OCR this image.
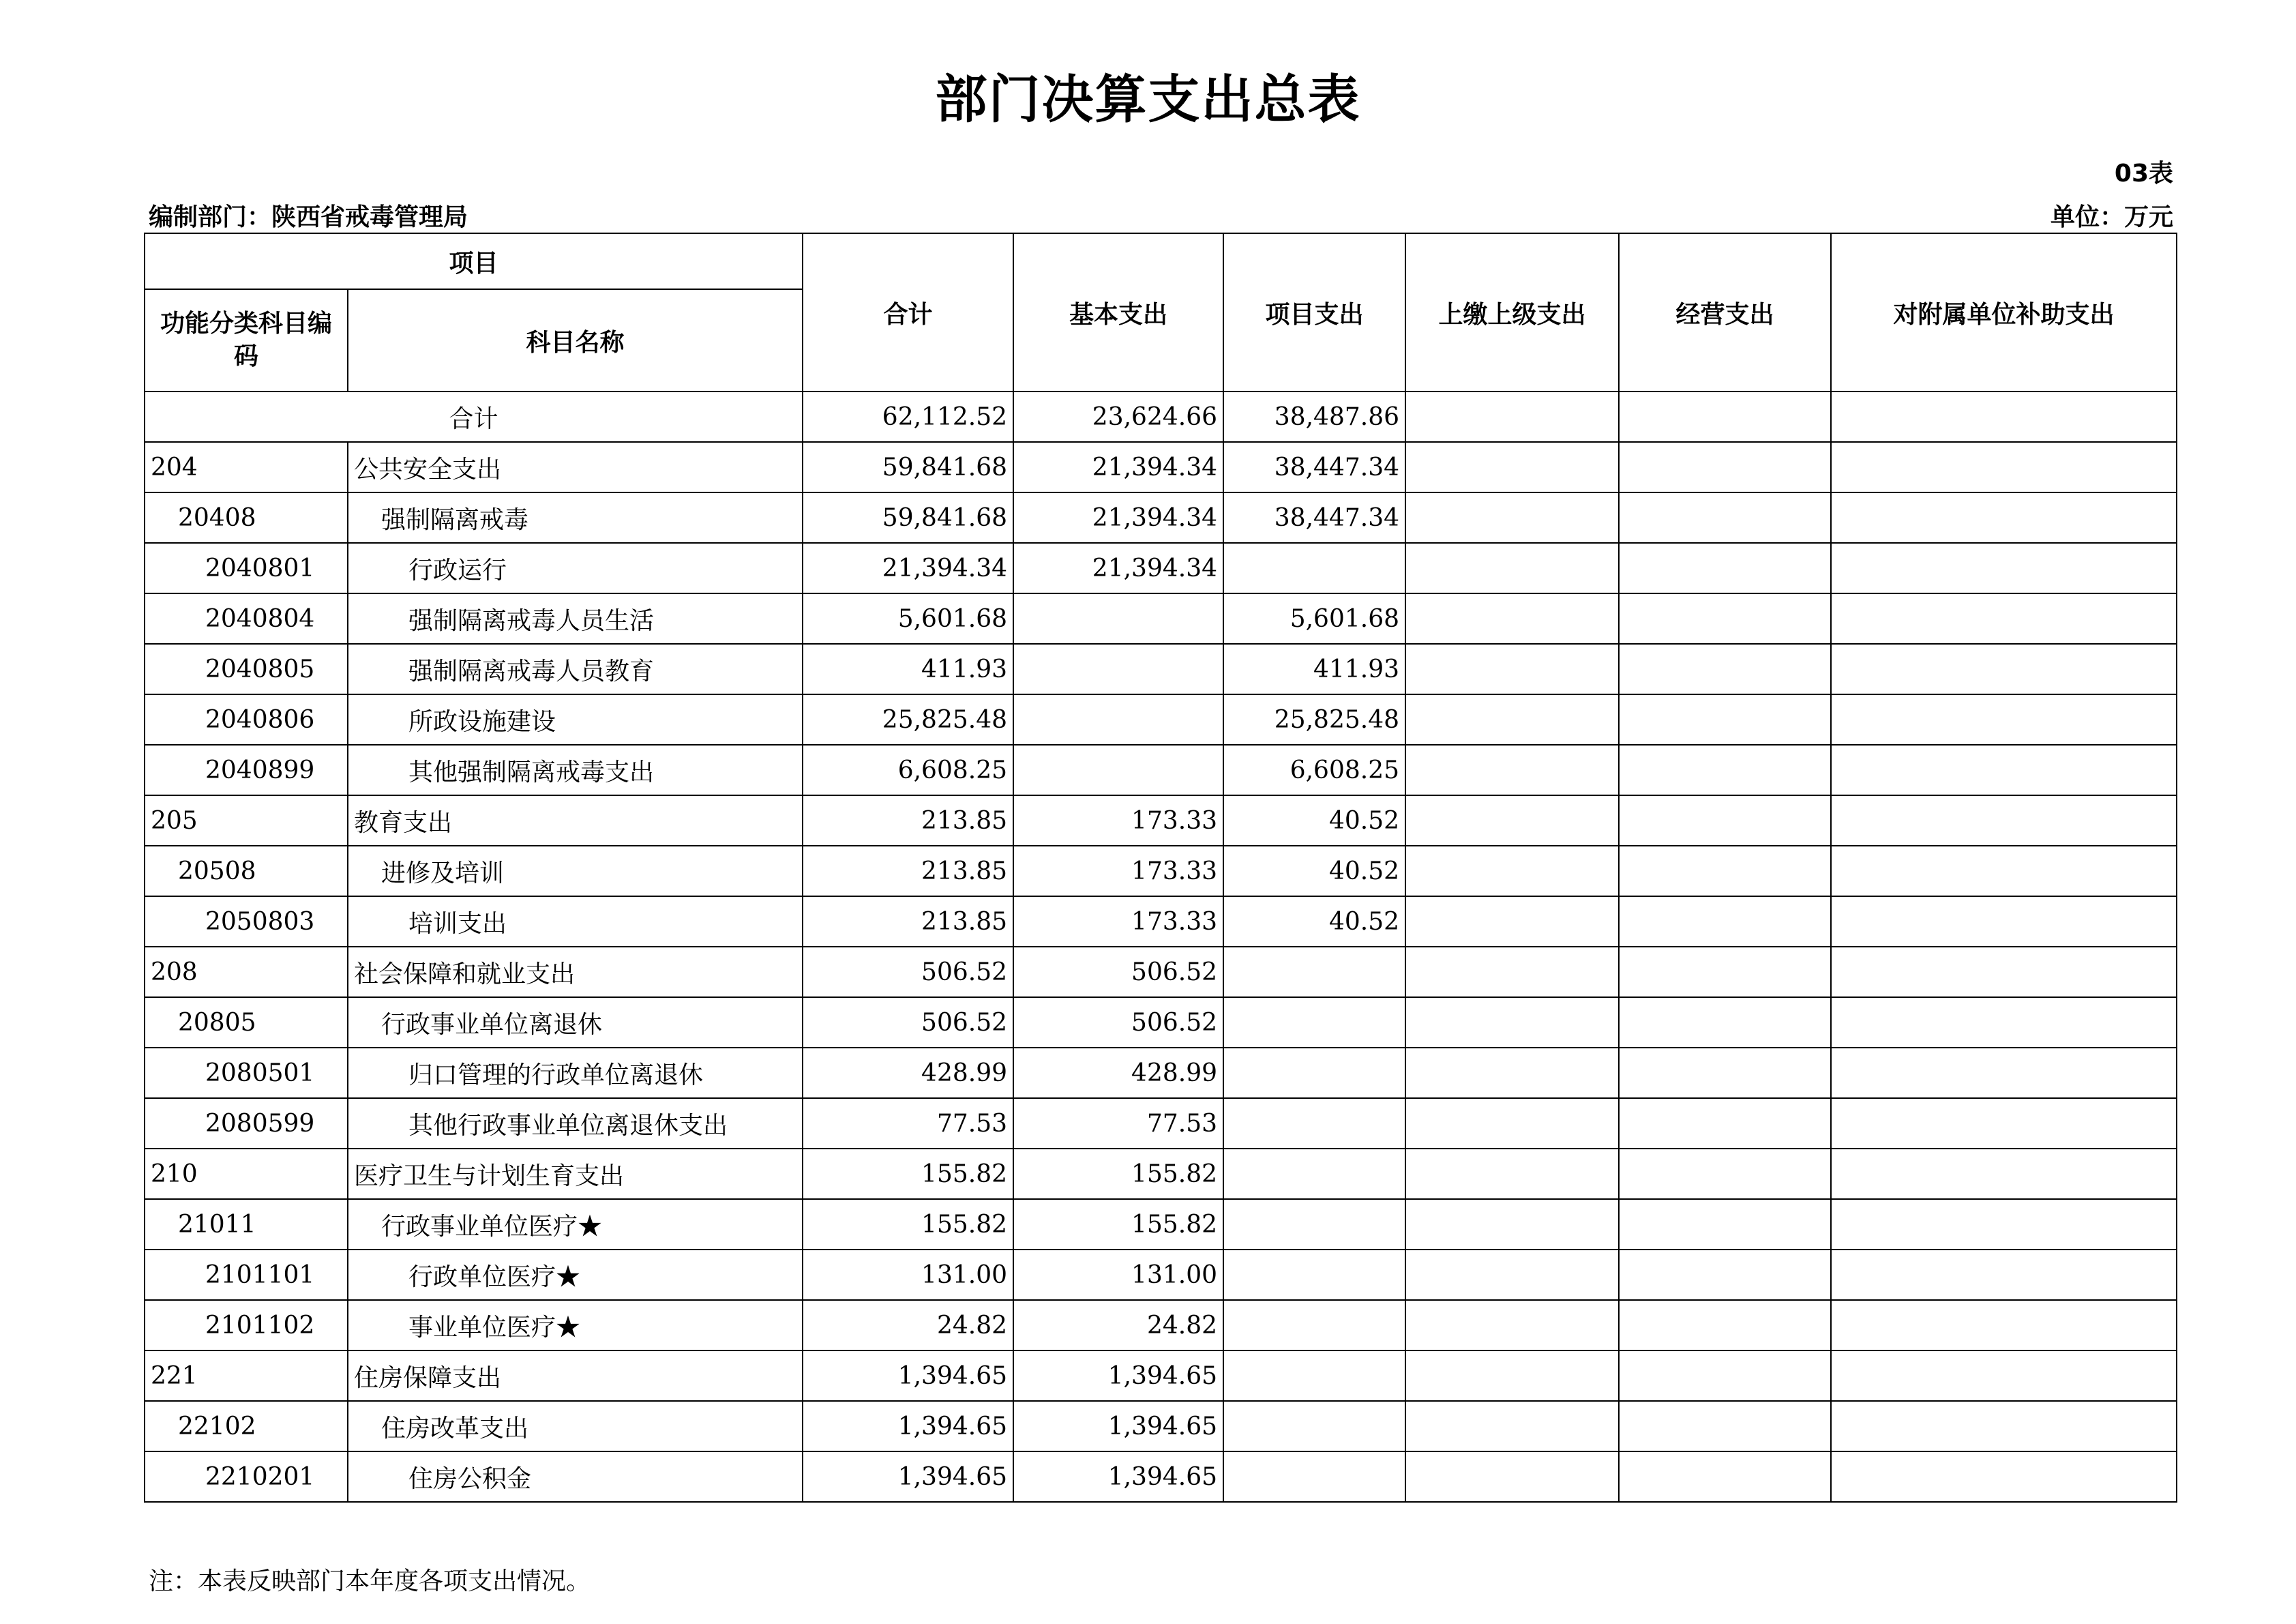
部门决算支出总表
03表
编制部门：陕西省戒毒管理局	单位：万元
项目		合计	基本支出	项目支出	上缴上级支出	经营支出	对附属单位补助支出
功能分类科目编码	科目名称						
合计		62,112.52	23,624.66	38,487.86			
204	公共安全支出	59,841.68	21,394.34	38,447.34			
20408	强制隔离戒毒	59,841.68	21,394.34	38,447.34			
2040801	行政运行	21,394.34	21,394.34				
2040804	强制隔离戒毒人员生活	5,601.68		5,601.68			
2040805	强制隔离戒毒人员教育	411.93		411.93			
2040806	所政设施建设	25,825.48		25,825.48			
2040899	其他强制隔离戒毒支出	6,608.25		6,608.25			
205	教育支出	213.85	173.33	40.52			
20508	进修及培训	213.85	173.33	40.52			
2050803	培训支出	213.85	173.33	40.52			
208	社会保障和就业支出	506.52	506.52				
20805	行政事业单位离退休	506.52	506.52				
2080501	归口管理的行政单位离退休	428.99	428.99				
2080599	其他行政事业单位离退休支出	77.53	77.53				
210	医疗卫生与计划生育支出	155.82	155.82				
21011	行政事业单位医疗★	155.82	155.82				
2101101	行政单位医疗★	131.00	131.00				
2101102	事业单位医疗★	24.82	24.82				
221	住房保障支出	1,394.65	1,394.65				
22102	住房改革支出	1,394.65	1,394.65				
2210201	住房公积金	1,394.65	1,394.65				
注：本表反映部门本年度各项支出情况。
